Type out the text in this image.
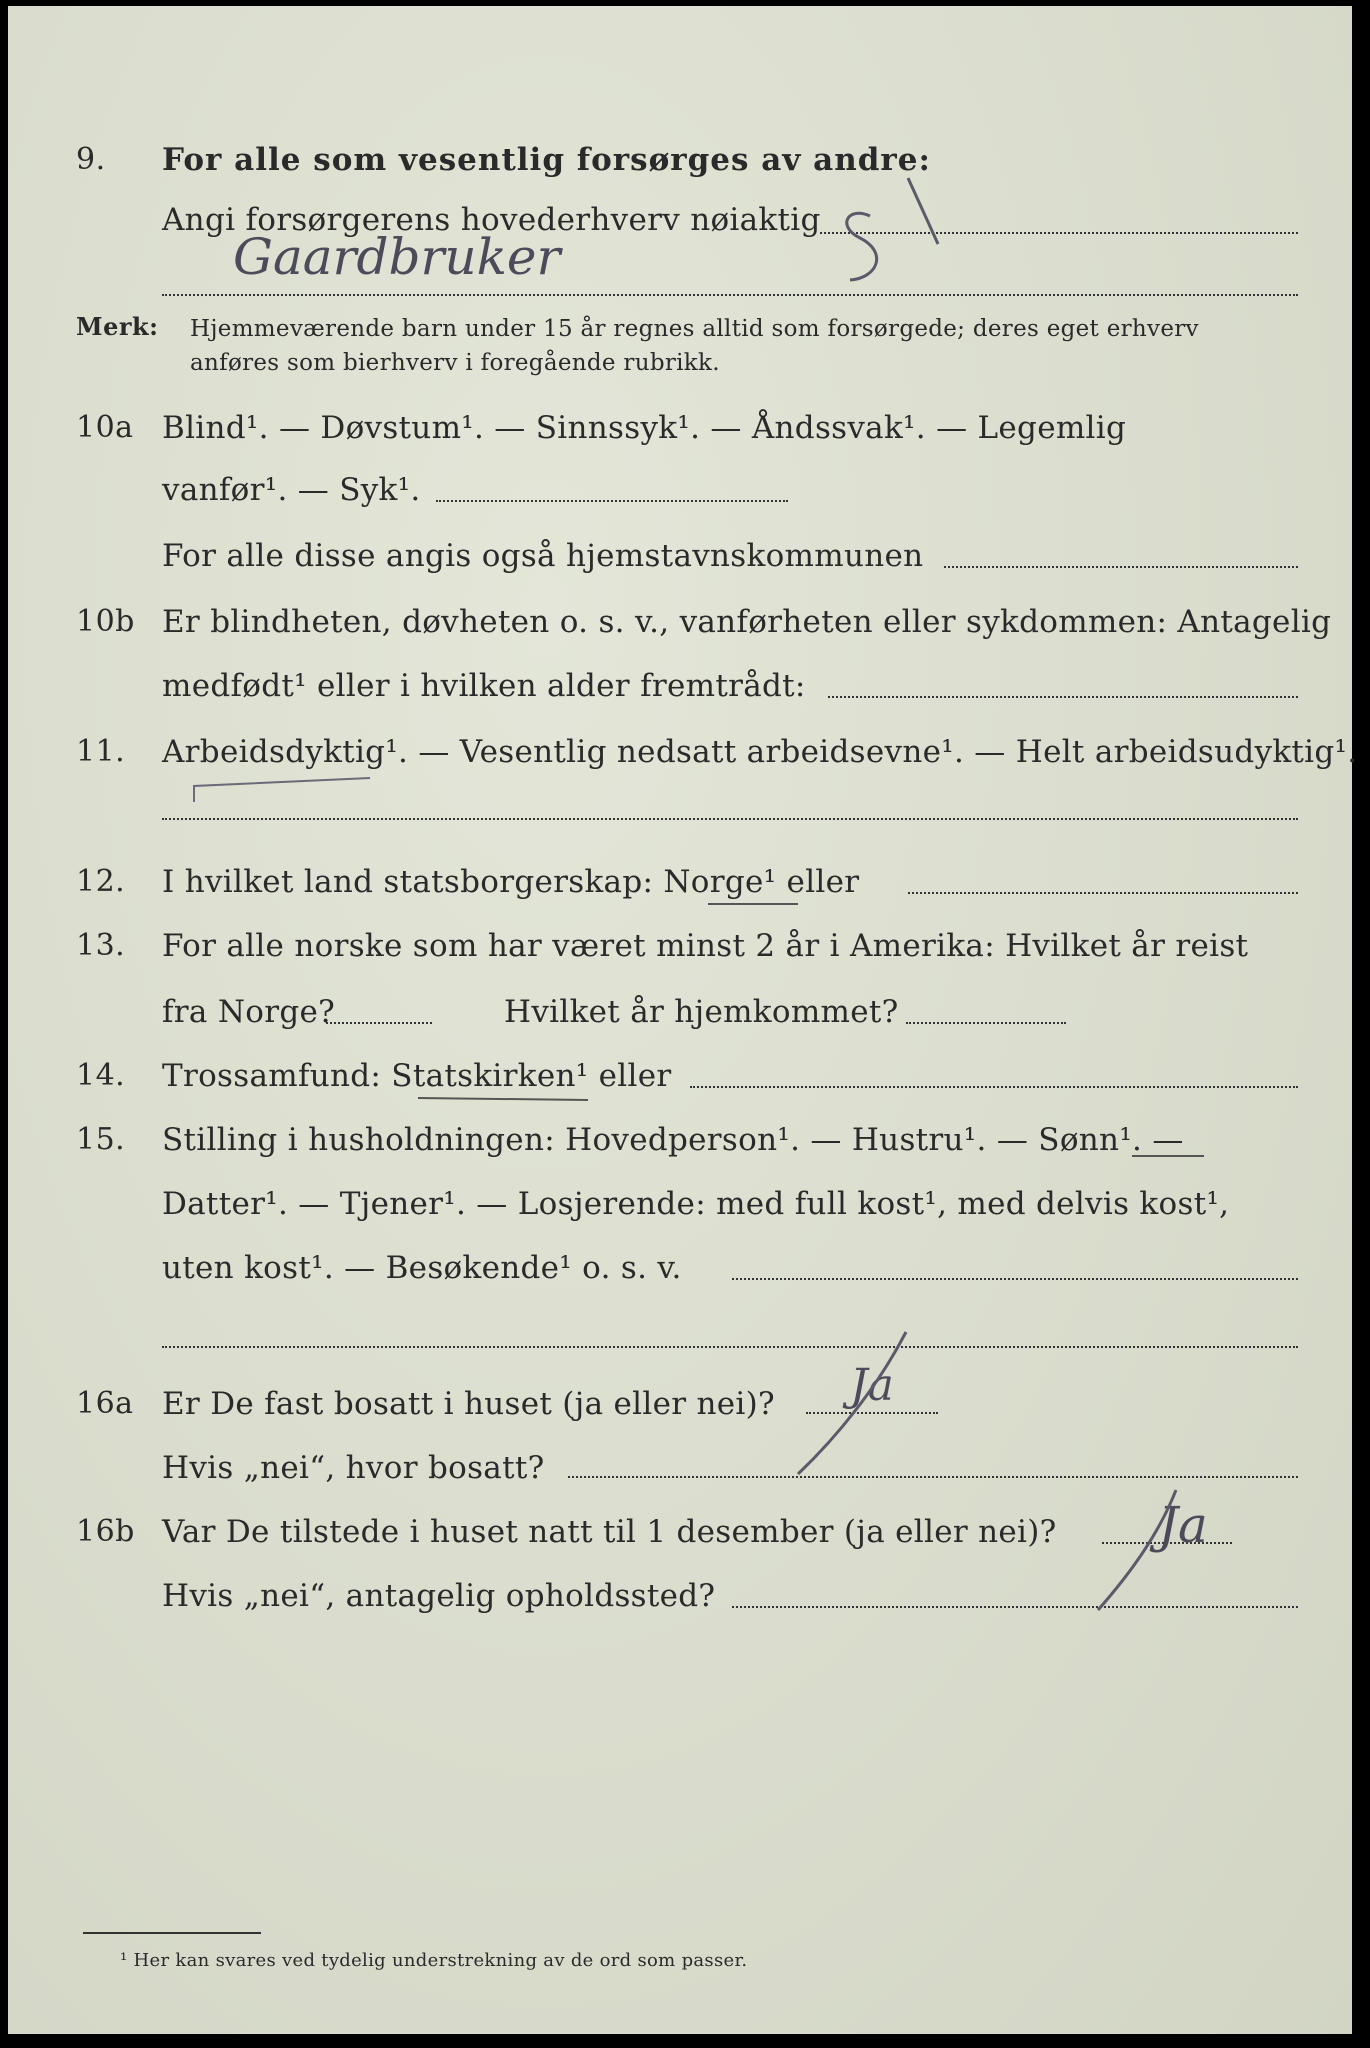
9. For alle som vesentlig forsørges av andre:
Angi forsørgerens hovederhverv nøiaktig
Gaardbruker
Merk: Hjemmeværende barn under 15 år regnes alltid som forsørgede; deres eget erhverv
anføres som bierhverv i foregående rubrikk.
10a Blind¹. — Døvstum¹. — Sinnssyk¹. — Åndssvak¹. — Legemlig
vanfør¹. — Syk¹.
For alle disse angis også hjemstavnskommunen
10b Er blindheten, døvheten o. s. v., vanførheten eller sykdommen: Antagelig
medfødt¹ eller i hvilken alder fremtrådt:
11. Arbeidsdyktig¹. — Vesentlig nedsatt arbeidsevne¹. — Helt arbeidsudyktig¹.
12. I hvilket land statsborgerskap: Norge¹ eller
13. For alle norske som har været minst 2 år i Amerika: Hvilket år reist
fra Norge?	Hvilket år hjemkommet?
14. Trossamfund: Statskirken¹ eller
15. Stilling i husholdningen: Hovedperson¹. — Hustru¹. — Sønn¹. —
Datter¹. — Tjener¹. — Losjerende: med full kost¹, med delvis kost¹,
uten kost¹. — Besøkende¹ o. s. v.
16a Er De fast bosatt i huset (ja eller nei)? Ja
Hvis „nei“, hvor bosatt?
16b Var De tilstede i huset natt til 1 desember (ja eller nei)? Ja
Hvis „nei“, antagelig opholdssted?
¹ Her kan svares ved tydelig understrekning av de ord som passer.
